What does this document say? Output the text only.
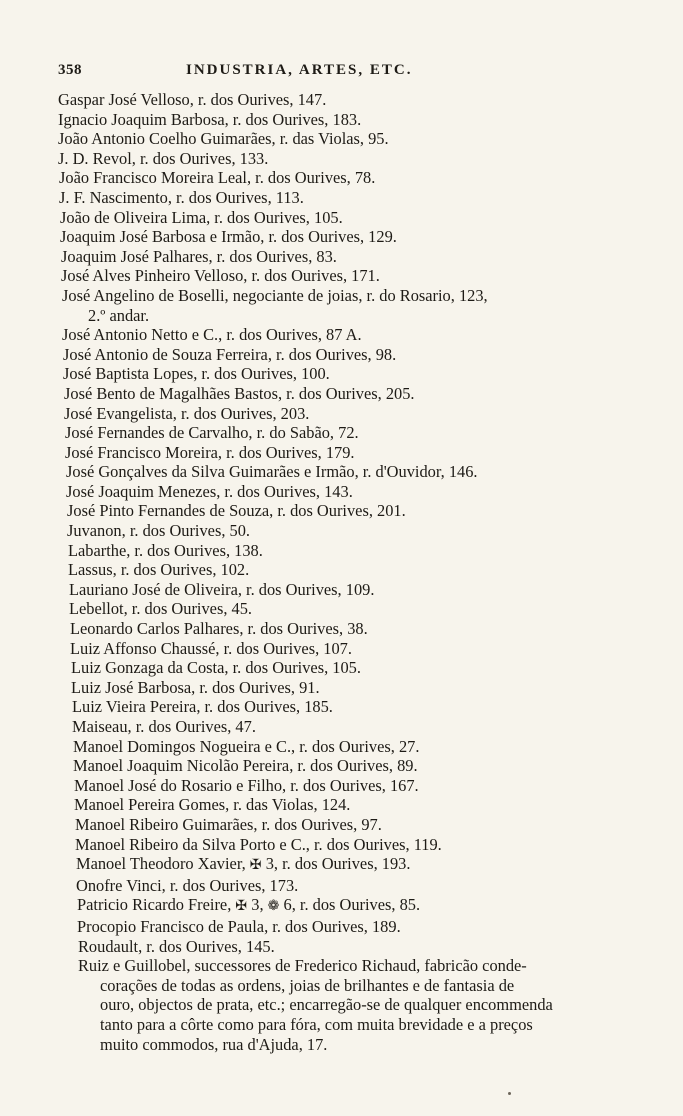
358	INDUSTRIA, ARTES, ETC.
Gaspar José Velloso, r. dos Ourives, 147.
Ignacio Joaquim Barbosa, r. dos Ourives, 183.
João Antonio Coelho Guimarães, r. das Violas, 95.
J. D. Revol, r. dos Ourives, 133.
João Francisco Moreira Leal, r. dos Ourives, 78.
J. F. Nascimento, r. dos Ourives, 113.
João de Oliveira Lima, r. dos Ourives, 105.
Joaquim José Barbosa e Irmão, r. dos Ourives, 129.
Joaquim José Palhares, r. dos Ourives, 83.
José Alves Pinheiro Velloso, r. dos Ourives, 171.
José Angelino de Boselli, negociante de joias, r. do Rosario, 123,
2.º andar.
José Antonio Netto e C., r. dos Ourives, 87 A.
José Antonio de Souza Ferreira, r. dos Ourives, 98.
José Baptista Lopes, r. dos Ourives, 100.
José Bento de Magalhães Bastos, r. dos Ourives, 205.
José Evangelista, r. dos Ourives, 203.
José Fernandes de Carvalho, r. do Sabão, 72.
José Francisco Moreira, r. dos Ourives, 179.
José Gonçalves da Silva Guimarães e Irmão, r. d'Ouvidor, 146.
José Joaquim Menezes, r. dos Ourives, 143.
José Pinto Fernandes de Souza, r. dos Ourives, 201.
Juvanon, r. dos Ourives, 50.
Labarthe, r. dos Ourives, 138.
Lassus, r. dos Ourives, 102.
Lauriano José de Oliveira, r. dos Ourives, 109.
Lebellot, r. dos Ourives, 45.
Leonardo Carlos Palhares, r. dos Ourives, 38.
Luiz Affonso Chaussé, r. dos Ourives, 107.
Luiz Gonzaga da Costa, r. dos Ourives, 105.
Luiz José Barbosa, r. dos Ourives, 91.
Luiz Vieira Pereira, r. dos Ourives, 185.
Maiseau, r. dos Ourives, 47.
Manoel Domingos Nogueira e C., r. dos Ourives, 27.
Manoel Joaquim Nicolão Pereira, r. dos Ourives, 89.
Manoel José do Rosario e Filho, r. dos Ourives, 167.
Manoel Pereira Gomes, r. das Violas, 124.
Manoel Ribeiro Guimarães, r. dos Ourives, 97.
Manoel Ribeiro da Silva Porto e C., r. dos Ourives, 119.
Manoel Theodoro Xavier, ✠ 3, r. dos Ourives, 193.
Onofre Vinci, r. dos Ourives, 173.
Patricio Ricardo Freire, ✠ 3, ❁ 6, r. dos Ourives, 85.
Procopio Francisco de Paula, r. dos Ourives, 189.
Roudault, r. dos Ourives, 145.
Ruiz e Guillobel, successores de Frederico Richaud, fabricão conde-
corações de todas as ordens, joias de brilhantes e de fantasia de
ouro, objectos de prata, etc.; encarregão-se de qualquer encommenda
tanto para a côrte como para fóra, com muita brevidade e a preços
muito commodos, rua d'Ajuda, 17.
